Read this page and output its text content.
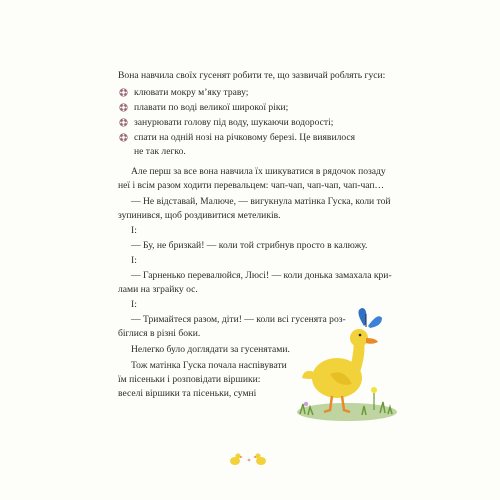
Вона навчила своїх гусенят робити те, що зазвичай роблять гуси:
клювати мокру м’яку траву;
плавати по воді великої широкої ріки;
занурювати голову під воду, шукаючи водорості;
спати на одній нозі на річковому березі. Це виявилося
не так легко.
Але перш за все вона навчила їх шикуватися в рядочок позаду
неї і всім разом ходити перевальцем: чап-чап, чап-чап, чап-чап…
— Не відставай, Малюче, — вигукнула матінка Гуска, коли той
зупинився, щоб роздивитися метеликів.
І:
— Бу, не бризкай! — коли той стрибнув просто в калюжу.
І:
— Гарненько перевалюйся, Люсі! — коли донька замахала кри-
лами на зграйку ос.
І:
— Тримайтеся разом, діти! — коли всі гусенята роз-
біглися в різні боки.
Нелегко було доглядати за гусенятами.
Тож матінка Гуска почала наспівувати
їм пісеньки і розповідати віршики:
веселі віршики та пісеньки, сумні
